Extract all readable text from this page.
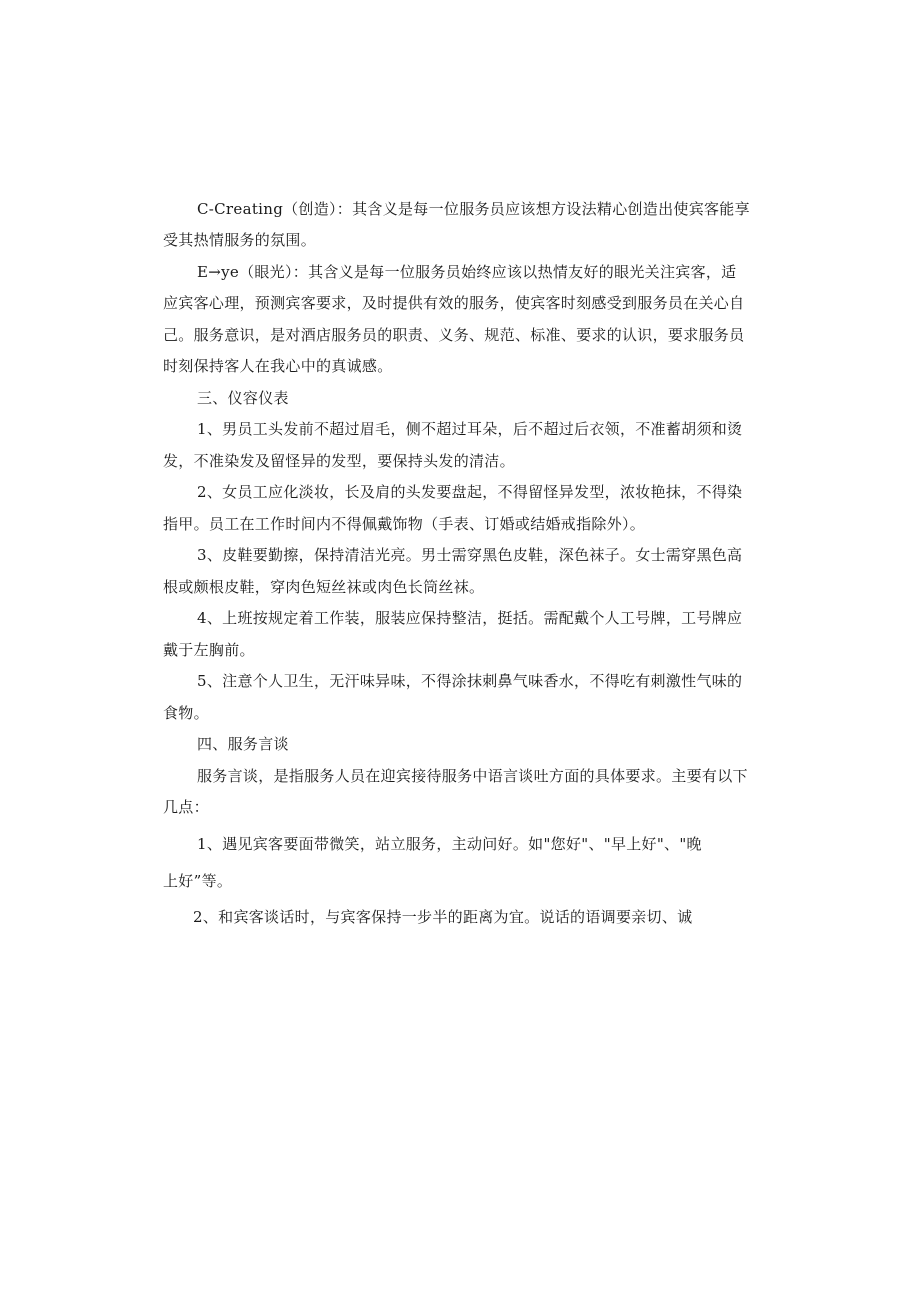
C-Creating（创造）：其含义是每一位服务员应该想方设法精心创造出使宾客能享
受其热情服务的氛围。
E→ye（眼光）：其含义是每一位服务员始终应该以热情友好的眼光关注宾客，适
应宾客心理，预测宾客要求，及时提供有效的服务，使宾客时刻感受到服务员在关心自
己。服务意识，是对酒店服务员的职责、义务、规范、标准、要求的认识，要求服务员
时刻保持客人在我心中的真诚感。
三、仪容仪表
1、男员工头发前不超过眉毛，侧不超过耳朵，后不超过后衣领，不准蓄胡须和烫
发，不准染发及留怪异的发型，要保持头发的清洁。
2、女员工应化淡妆，长及肩的头发要盘起，不得留怪异发型，浓妆艳抹，不得染
指甲。员工在工作时间内不得佩戴饰物（手表、订婚或结婚戒指除外）。
3、皮鞋要勤擦，保持清洁光亮。男士需穿黑色皮鞋，深色袜子。女士需穿黑色高
根或颇根皮鞋，穿肉色短丝袜或肉色长筒丝袜。
4、上班按规定着工作装，服装应保持整洁，挺括。需配戴个人工号牌，工号牌应
戴于左胸前。
5、注意个人卫生，无汗味异味，不得涂抹刺鼻气味香水，不得吃有刺激性气味的
食物。
四、服务言谈
服务言谈，是指服务人员在迎宾接待服务中语言谈吐方面的具体要求。主要有以下
几点：
1、遇见宾客要面带微笑，站立服务，主动问好。如"您好"、"早上好"、"晚
上好”等。
2、和宾客谈话时，与宾客保持一步半的距离为宜。说话的语调要亲切、诚
